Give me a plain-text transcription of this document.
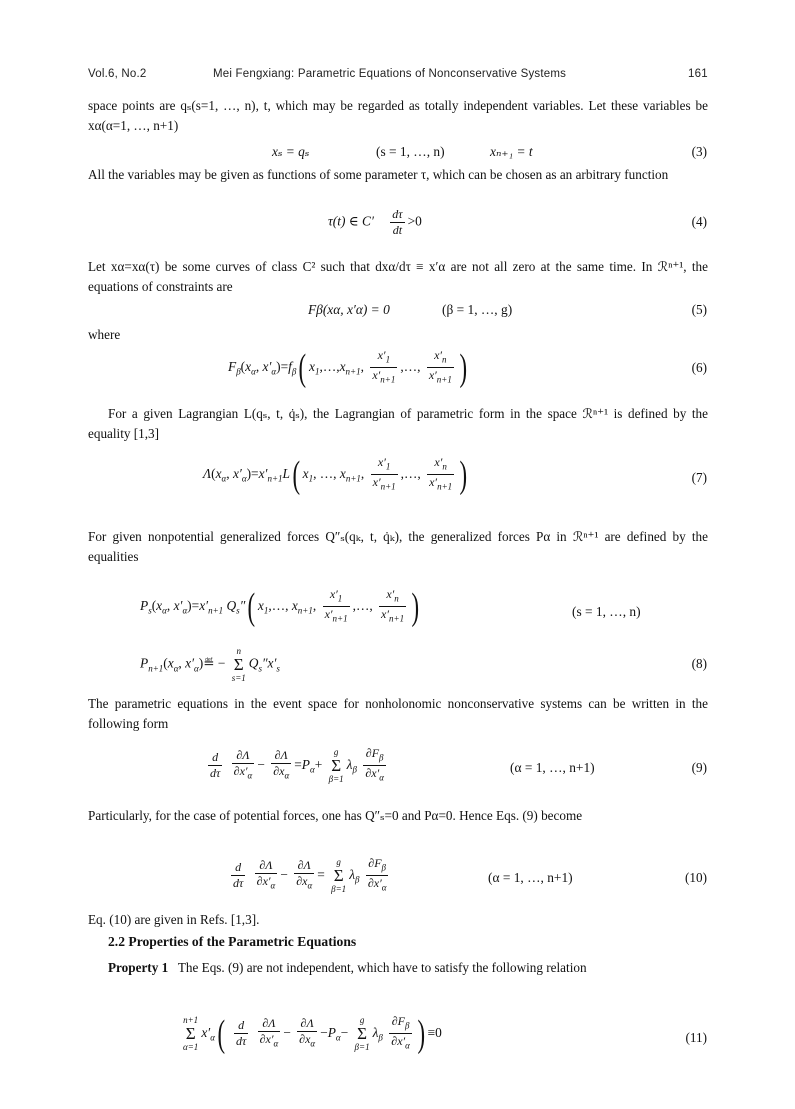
Vol.6, No.2	Mei Fengxiang: Parametric Equations of Nonconservative Systems	161
space points are qₛ(s=1, …, n), t, which may be regarded as totally independent variables. Let these variables be xα(α=1, …, n+1)
xₛ = qₛ	(s = 1, …, n)	xₙ₊₁ = t	(3)
All the variables may be given as functions of some parameter τ, which can be chosen as an arbitrary function
τ(t) ∈ $C' \frac{d\tau}{dt} >0$	(4)
Let xα=xα(τ) be some curves of class C² such that dxα/dτ ≡ x′α are not all zero at the same time. In ℛⁿ⁺¹, the equations of constraints are
Fβ(xα, x′α) = 0	(β = 1, …, g)	(5)
where
$F_\beta(x_\alpha$, $x'_\alpha)=f_\beta$( $x_1,\dots,x_{n+1}$, $\frac{x'_1}{x'_{n+1}}$ ,…, $\frac{x'_n}{x'_{n+1}}$ )	(6)
For a given Lagrangian L(qₛ, t, q̇ₛ), the Lagrangian of parametric form in the space ℛⁿ⁺¹ is defined by the equality [1,3]
$\Lambda(x_\alpha$, $x'_\alpha)=x'_{n+1}L$( $x_1$, …, $x_{n+1}$, $\frac{x'_1}{x'_{n+1}}$ ,…, $\frac{x'_n}{x'_{n+1}}$ )	(7)
For given nonpotential generalized forces Q″ₛ(qₖ, t, q̇ₖ), the generalized forces Pα in ℛⁿ⁺¹ are defined by the equalities
$P_s(x_\alpha$, $x'_\alpha)=x'_{n+1}$ $Q_s''$( $x_1,\dots$, $x_{n+1}$, $\frac{x'_1}{x'_{n+1}}$ ,…, $\frac{x'_n}{x'_{n+1}}$ )	(s = 1, …, n)
$P_{n+1}(x_\alpha$, $x'_\alpha)≝$ −
n
Σ
s=1
$Q_s''x'_s$	(8)
The parametric equations in the event space for nonholonomic nonconservative systems can be written in the following form
$\frac{d}{d\tau}$
$\frac{\partial\Lambda}{\partial x'_\alpha} - \frac{\partial\Lambda}{\partial x_\alpha} =P_\alpha+$
g
Σ
β=1
$\lambda_\beta \frac{\partial F_\beta}{\partial x'_\alpha}$	(α = 1, …, n+1)	(9)
Particularly, for the case of potential forces, one has Q″ₛ=0 and Pα=0. Hence Eqs. (9) become
$\frac{d}{d\tau}$
$\frac{\partial\Lambda}{\partial x'_\alpha} - \frac{\partial\Lambda}{\partial x_\alpha}$ =
g
Σ
β=1
$\lambda_\beta \frac{\partial F_\beta}{\partial x'_\alpha}$	(α = 1, …, n+1)	(10)
Eq. (10) are given in Refs. [1,3].
2.2 Properties of the Parametric Equations
Property 1 The Eqs. (9) are not independent, which have to satisfy the following relation
n+1
Σ
α=1
$x'_\alpha( \frac{d}{d\tau}$
$\frac{\partial\Lambda}{\partial x'_\alpha} - \frac{\partial\Lambda}{\partial x_\alpha} -P_\alpha-$
g
Σ
β=1
$\lambda_\beta \frac{\partial F_\beta}{\partial x'_\alpha}$ ) ≡0	(11)
